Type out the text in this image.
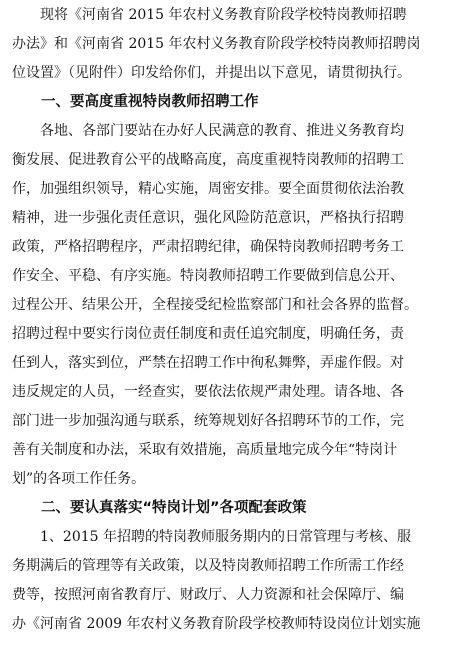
　　现将《河南省 2015 年农村义务教育阶段学校特岗教师招聘
办法》和《河南省 2015 年农村义务教育阶段学校特岗教师招聘岗
位设置》（见附件）印发给你们，并提出以下意见，请贯彻执行。
　　一、要高度重视特岗教师招聘工作
　　各地、各部门要站在办好人民满意的教育、推进义务教育均
衡发展、促进教育公平的战略高度，高度重视特岗教师的招聘工
作，加强组织领导，精心实施，周密安排。要全面贯彻依法治教
精神，进一步强化责任意识，强化风险防范意识，严格执行招聘
政策，严格招聘程序，严肃招聘纪律，确保特岗教师招聘考务工
作安全、平稳、有序实施。特岗教师招聘工作要做到信息公开、
过程公开、结果公开，全程接受纪检监察部门和社会各界的监督。
招聘过程中要实行岗位责任制度和责任追究制度，明确任务，责
任到人，落实到位，严禁在招聘工作中徇私舞弊，弄虚作假。对
违反规定的人员，一经查实，要依法依规严肃处理。请各地、各
部门进一步加强沟通与联系，统筹规划好各招聘环节的工作，完
善有关制度和办法，采取有效措施，高质量地完成今年“特岗计
划”的各项工作任务。
　　二、要认真落实“特岗计划”各项配套政策
　　1、2015 年招聘的特岗教师服务期内的日常管理与考核、服
务期满后的管理等有关政策，以及特岗教师招聘工作所需工作经
费等，按照河南省教育厅、财政厅、人力资源和社会保障厅、编
办《河南省 2009 年农村义务教育阶段学校教师特设岗位计划实施
